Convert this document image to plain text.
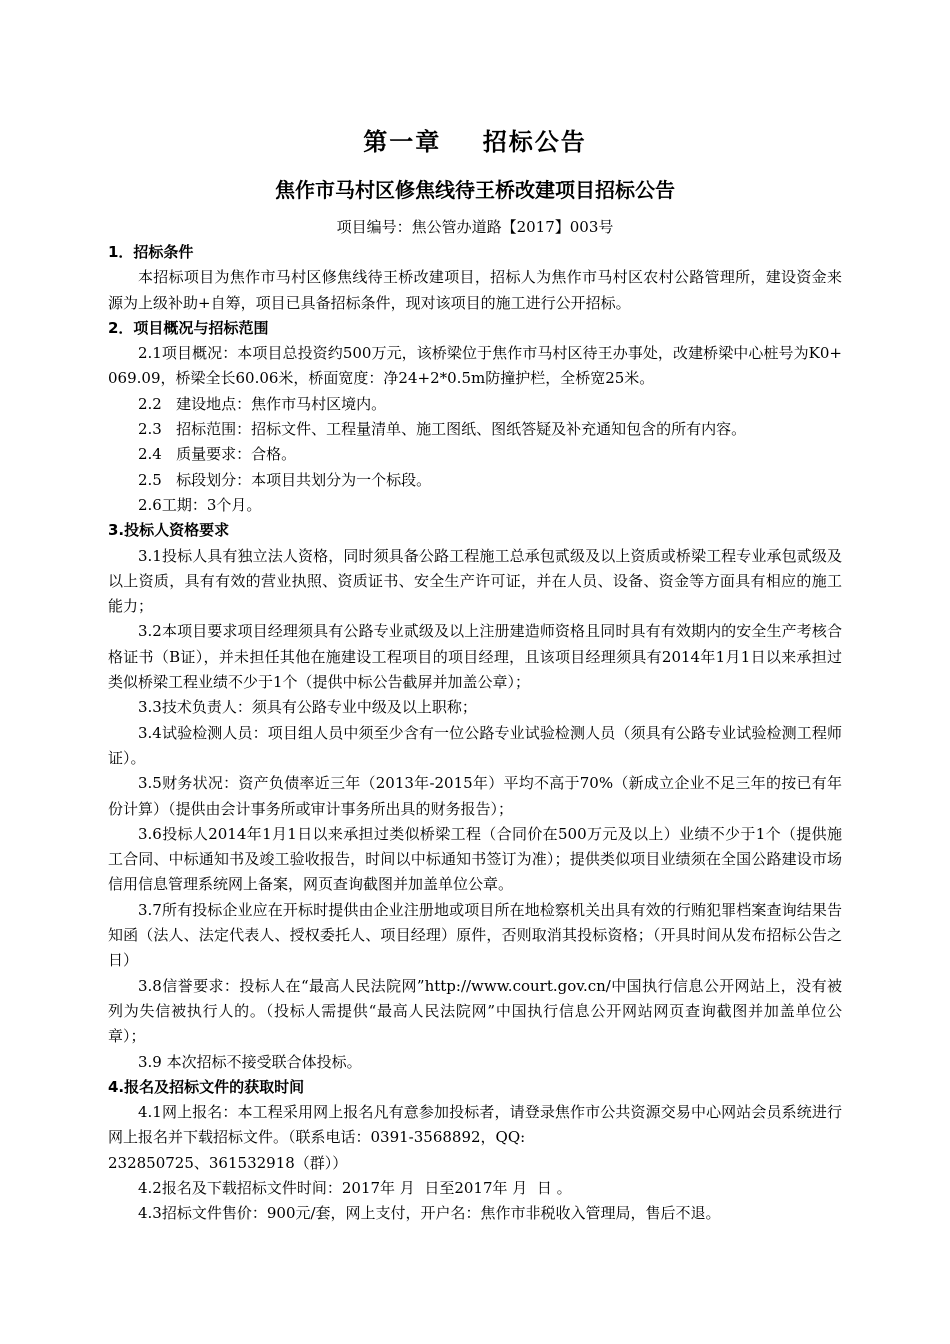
第一章    招标公告
焦作市马村区修焦线待王桥改建项目招标公告
项目编号：焦公管办道路【2017】003号
1．招标条件
本招标项目为焦作市马村区修焦线待王桥改建项目，招标人为焦作市马村区农村公路管理所，建设资金来源为上级补助+自筹，项目已具备招标条件，现对该项目的施工进行公开招标。
2．项目概况与招标范围
2.1项目概况：本项目总投资约500万元，该桥梁位于焦作市马村区待王办事处，改建桥梁中心桩号为K0+069.09，桥梁全长60.06米，桥面宽度：净24+2*0.5m防撞护栏，全桥宽25米。
2.2   建设地点：焦作市马村区境内。
2.3   招标范围：招标文件、工程量清单、施工图纸、图纸答疑及补充通知包含的所有内容。
2.4   质量要求：合格。
2.5   标段划分：本项目共划分为一个标段。
2.6工期：3个月。
3.投标人资格要求
3.1投标人具有独立法人资格，同时须具备公路工程施工总承包贰级及以上资质或桥梁工程专业承包贰级及以上资质，具有有效的营业执照、资质证书、安全生产许可证，并在人员、设备、资金等方面具有相应的施工能力；
3.2本项目要求项目经理须具有公路专业贰级及以上注册建造师资格且同时具有有效期内的安全生产考核合格证书（B证），并未担任其他在施建设工程项目的项目经理，且该项目经理须具有2014年1月1日以来承担过类似桥梁工程业绩不少于1个（提供中标公告截屏并加盖公章）；
3.3技术负责人：须具有公路专业中级及以上职称；
3.4试验检测人员：项目组人员中须至少含有一位公路专业试验检测人员（须具有公路专业试验检测工程师证）。
3.5财务状况：资产负债率近三年（2013年-2015年）平均不高于70%（新成立企业不足三年的按已有年份计算）（提供由会计事务所或审计事务所出具的财务报告）；
3.6投标人2014年1月1日以来承担过类似桥梁工程（合同价在500万元及以上）业绩不少于1个（提供施工合同、中标通知书及竣工验收报告，时间以中标通知书签订为准）；提供类似项目业绩须在全国公路建设市场信用信息管理系统网上备案，网页查询截图并加盖单位公章。
3.7所有投标企业应在开标时提供由企业注册地或项目所在地检察机关出具有效的行贿犯罪档案查询结果告知函（法人、法定代表人、授权委托人、项目经理）原件，否则取消其投标资格；（开具时间从发布招标公告之日）
3.8信誉要求：投标人在“最高人民法院网”http://www.court.gov.cn/中国执行信息公开网站上，没有被列为失信被执行人的。（投标人需提供“最高人民法院网”中国执行信息公开网站网页查询截图并加盖单位公章）；
3.9 本次招标不接受联合体投标。
4.报名及招标文件的获取时间
4.1网上报名：本工程采用网上报名凡有意参加投标者，请登录焦作市公共资源交易中心网站会员系统进行网上报名并下载招标文件。（联系电话：0391-3568892，QQ:
232850725、361532918（群））
4.2报名及下载招标文件时间：2017年 月  日至2017年 月  日 。
4.3招标文件售价：900元/套，网上支付，开户名：焦作市非税收入管理局，售后不退。
